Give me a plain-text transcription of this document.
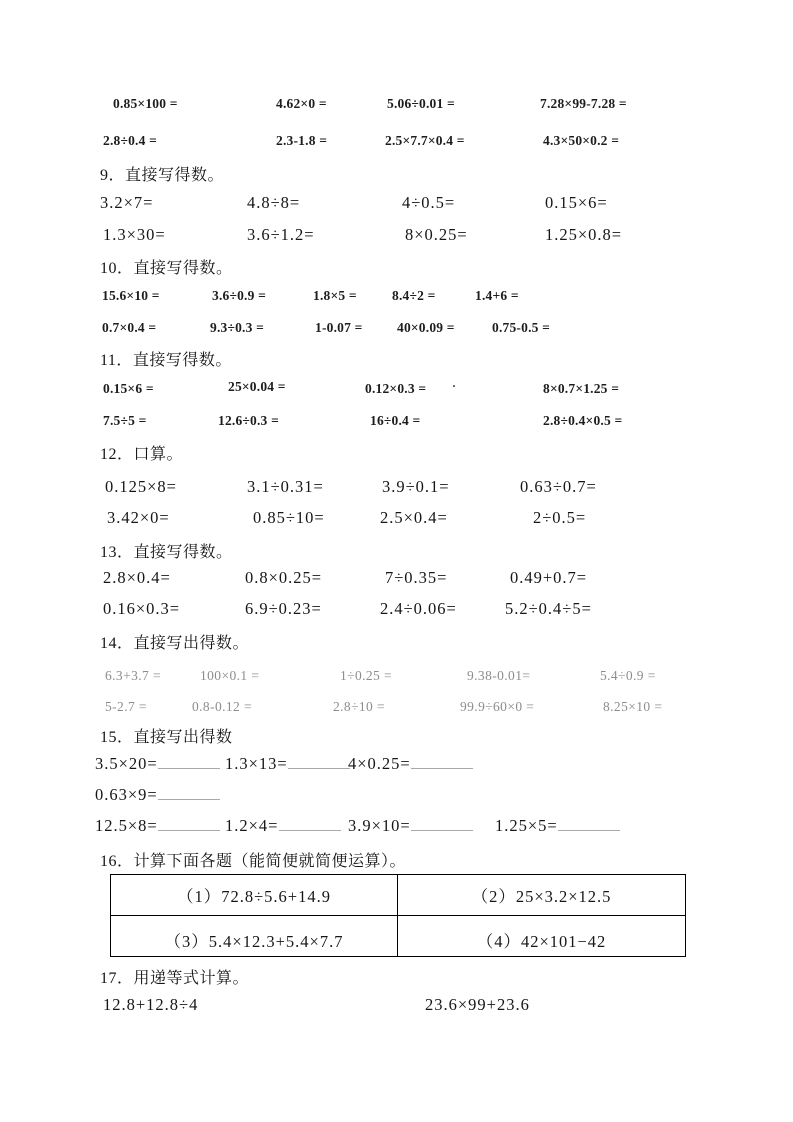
0.85×100 =	4.62×0 =	5.06÷0.01 =	7.28×99-7.28 =
2.8÷0.4 =	2.3-1.8 =	2.5×7.7×0.4 =	4.3×50×0.2 =
9．直接写得数。
3.2×7=	4.8÷8=	4÷0.5=	0.15×6=
1.3×30=	3.6÷1.2=	8×0.25=	1.25×0.8=
10．直接写得数。
15.6×10 =	3.6÷0.9 =	1.8×5 =	8.4÷2 =	1.4+6 =
0.7×0.4 =	9.3÷0.3 =	1-0.07 =	40×0.09 =	0.75-0.5 =
11．直接写得数。
0.15×6 =	25×0.04 =	0.12×0.3 = ·	8×0.7×1.25 =
7.5÷5 =	12.6÷0.3 =	16÷0.4 =	2.8÷0.4×0.5 =
12．口算。
0.125×8=	3.1÷0.31=	3.9÷0.1=	0.63÷0.7=
3.42×0=	0.85÷10=	2.5×0.4=	2÷0.5=
13．直接写得数。
2.8×0.4=	0.8×0.25=	7÷0.35=	0.49+0.7=
0.16×0.3=	6.9÷0.23=	2.4÷0.06=	5.2÷0.4÷5=
14．直接写出得数。
6.3+3.7 =	100×0.1 =	1÷0.25 =	9.38-0.01=	5.4÷0.9 =
5-2.7 =	0.8-0.12 =	2.8÷10 =	99.9÷60×0 =	8.25×10 =
15．直接写出得数
3.5×20=	1.3×13=	4×0.25=
0.63×9=
12.5×8=	1.2×4=	3.9×10=	1.25×5=
16．计算下面各题（能简便就简便运算）。
（1）72.8÷5.6+14.9	（2）25×3.2×12.5
（3）5.4×12.3+5.4×7.7	（4）42×101−42
17．用递等式计算。
12.8+12.8÷4	23.6×99+23.6
